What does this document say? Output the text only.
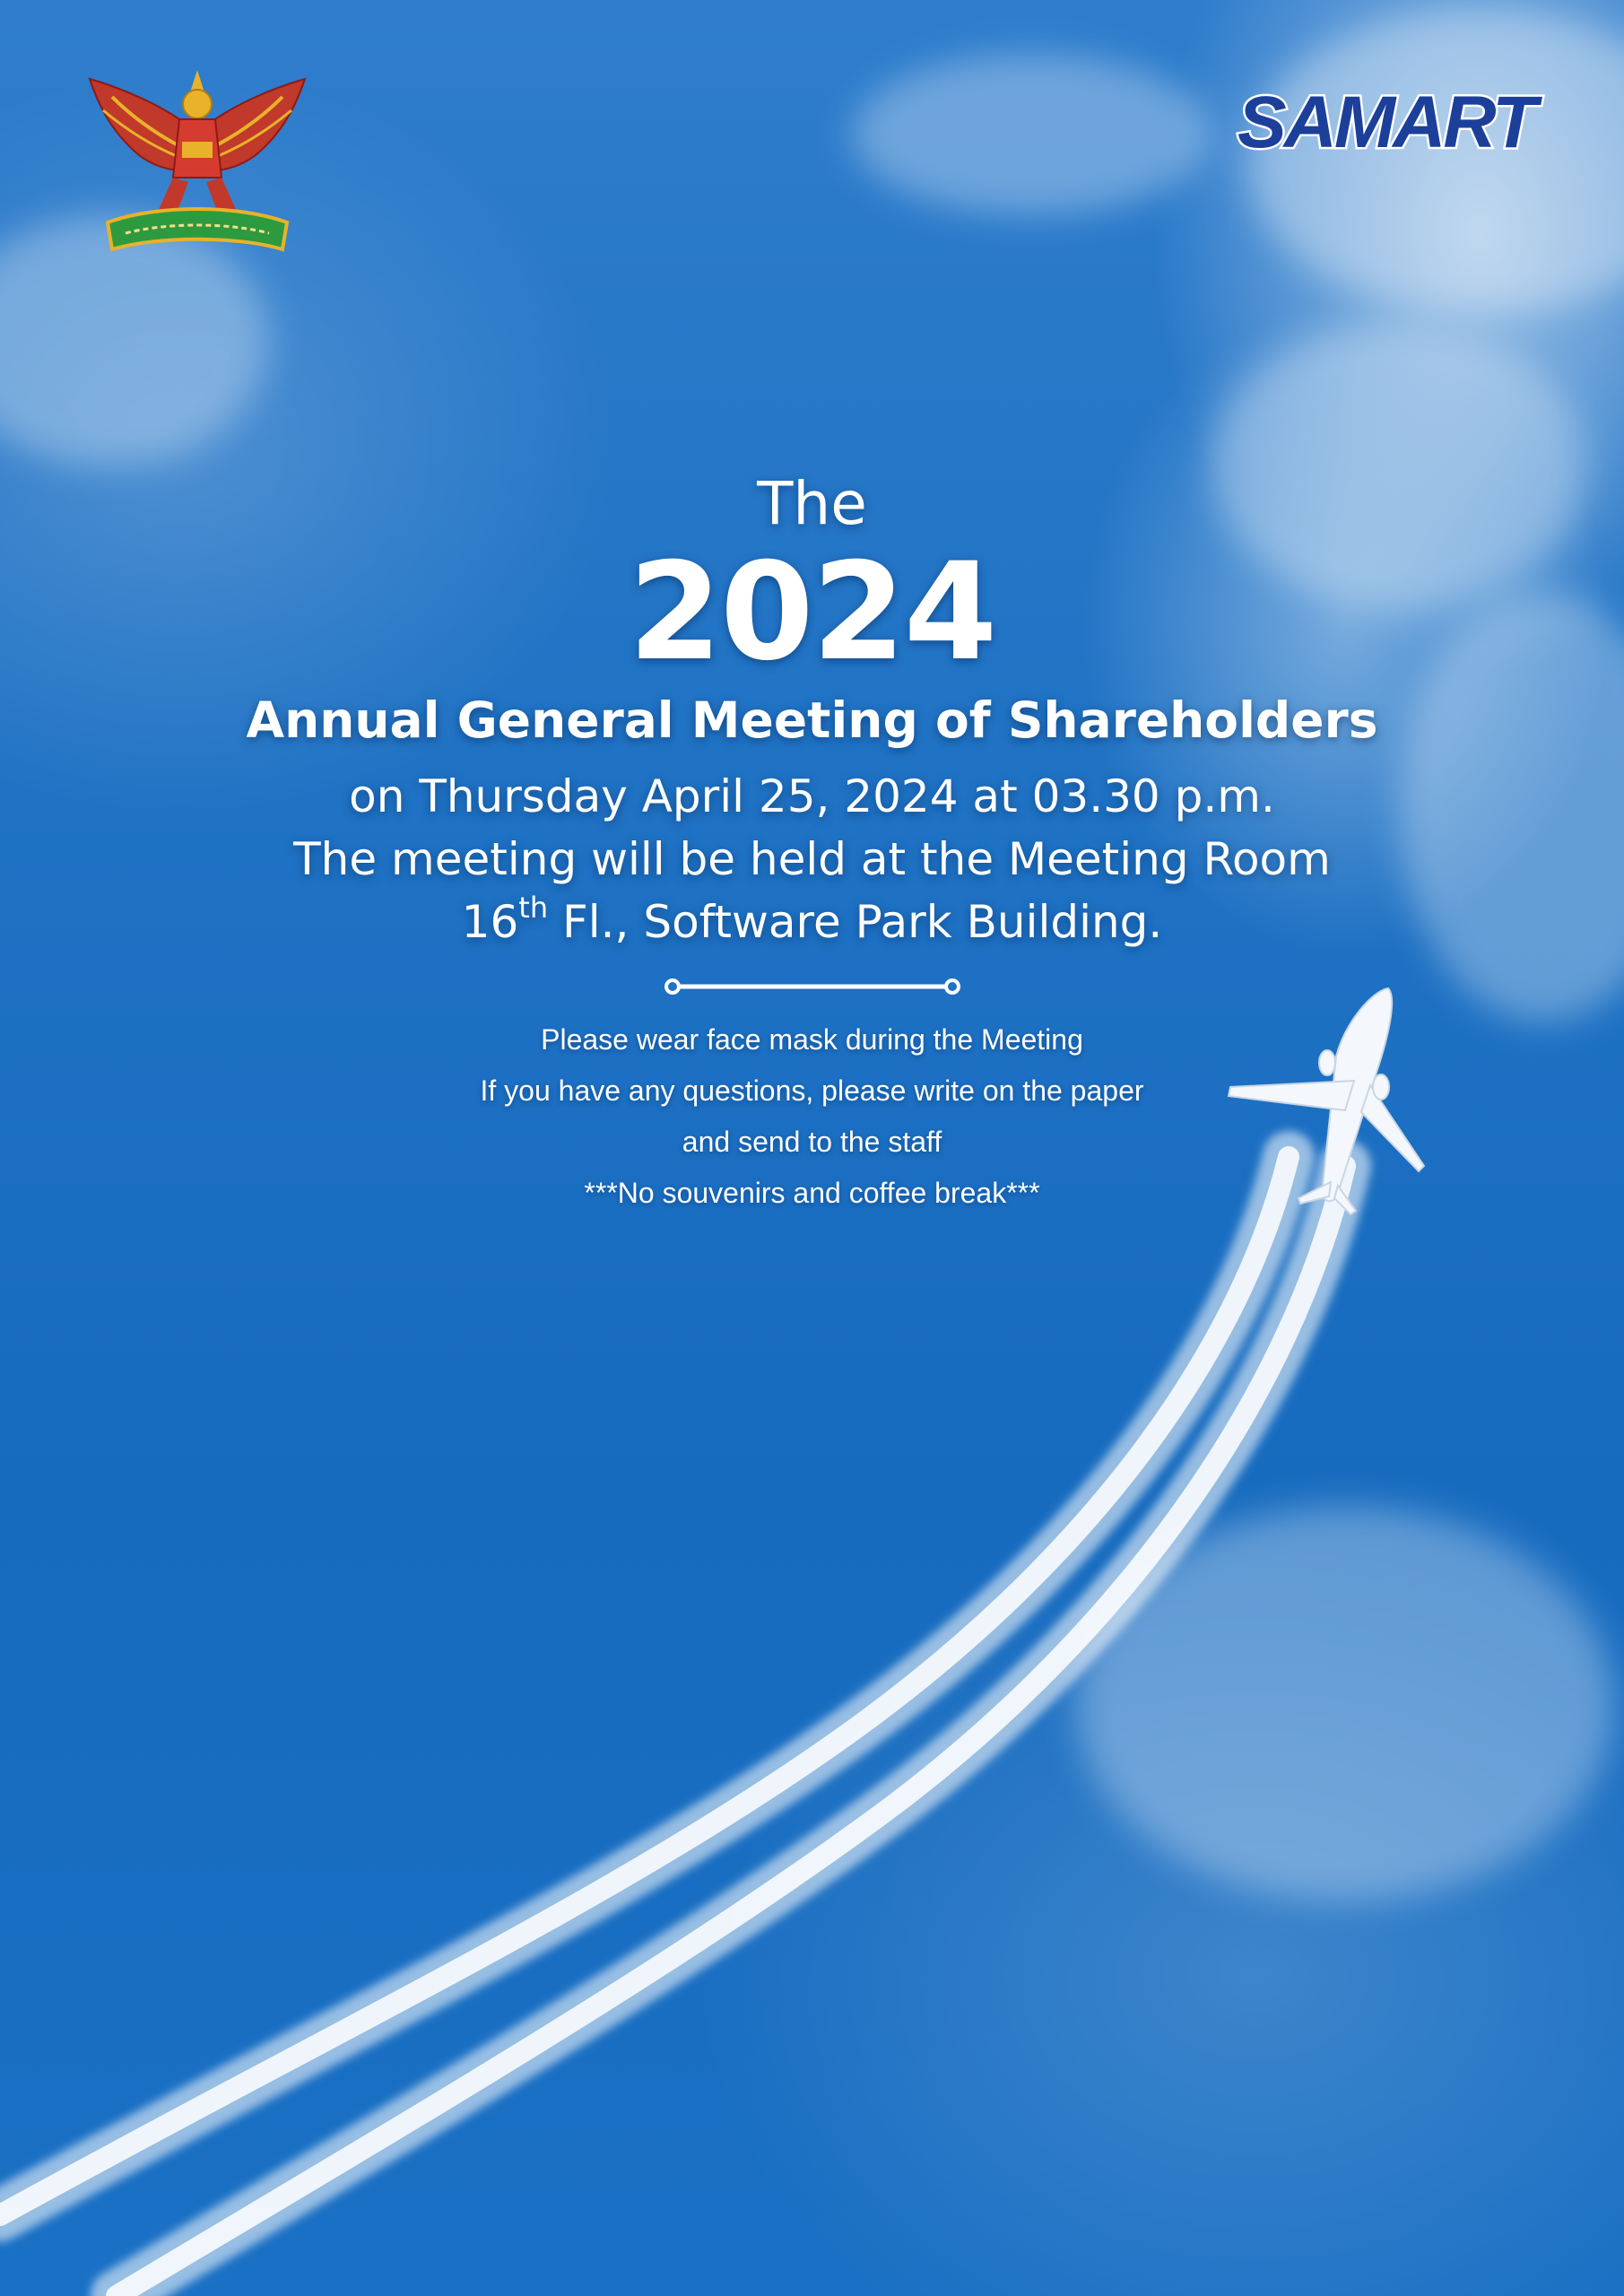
SAMART
The
2024
Annual General Meeting of Shareholders
on Thursday April 25, 2024 at 03.30 p.m.
The meeting will be held at the Meeting Room
16th Fl., Software Park Building.
Please wear face mask during the Meeting
If you have any questions, please write on the paper
and send to the staff
***No souvenirs and coffee break***
